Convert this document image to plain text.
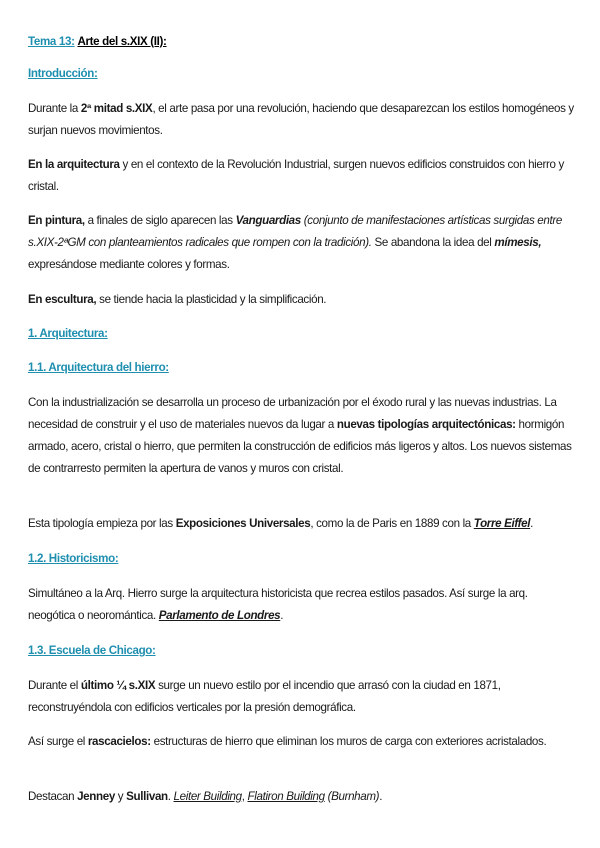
Tema 13: Arte del s.XIX (II):

Introducción:

Durante la 2ª mitad s.XIX, el arte pasa por una revolución, haciendo que desaparezcan los estilos homogéneos y surjan nuevos movimientos.

En la arquitectura y en el contexto de la Revolución Industrial, surgen nuevos edificios construidos con hierro y cristal.

En pintura, a finales de siglo aparecen las Vanguardias (conjunto de manifestaciones artísticas surgidas entre s.XIX-2ªGM con planteamientos radicales que rompen con la tradición). Se abandona la idea del mímesis, expresándose mediante colores y formas.

En escultura, se tiende hacia la plasticidad y la simplificación.

1. Arquitectura:

1.1. Arquitectura del hierro:

Con la industrialización se desarrolla un proceso de urbanización por el éxodo rural y las nuevas industrias. La necesidad de construir y el uso de materiales nuevos da lugar a nuevas tipologías arquitectónicas: hormigón armado, acero, cristal o hierro, que permiten la construcción de edificios más ligeros y altos. Los nuevos sistemas de contrarresto permiten la apertura de vanos y muros con cristal.

Esta tipología empieza por las Exposiciones Universales, como la de Paris en 1889 con la Torre Eiffel.

1.2. Historicismo:

Simultáneo a la Arq. Hierro surge la arquitectura historicista que recrea estilos pasados. Así surge la arq. neogótica o neoromántica. Parlamento de Londres.

1.3. Escuela de Chicago:

Durante el último ¼ s.XIX surge un nuevo estilo por el incendio que arrasó con la ciudad en 1871, reconstruyéndola con edificios verticales por la presión demográfica.

Así surge el rascacielos: estructuras de hierro que eliminan los muros de carga con exteriores acristalados.

Destacan Jenney y Sullivan. Leiter Building, Flatiron Building (Burnham).
